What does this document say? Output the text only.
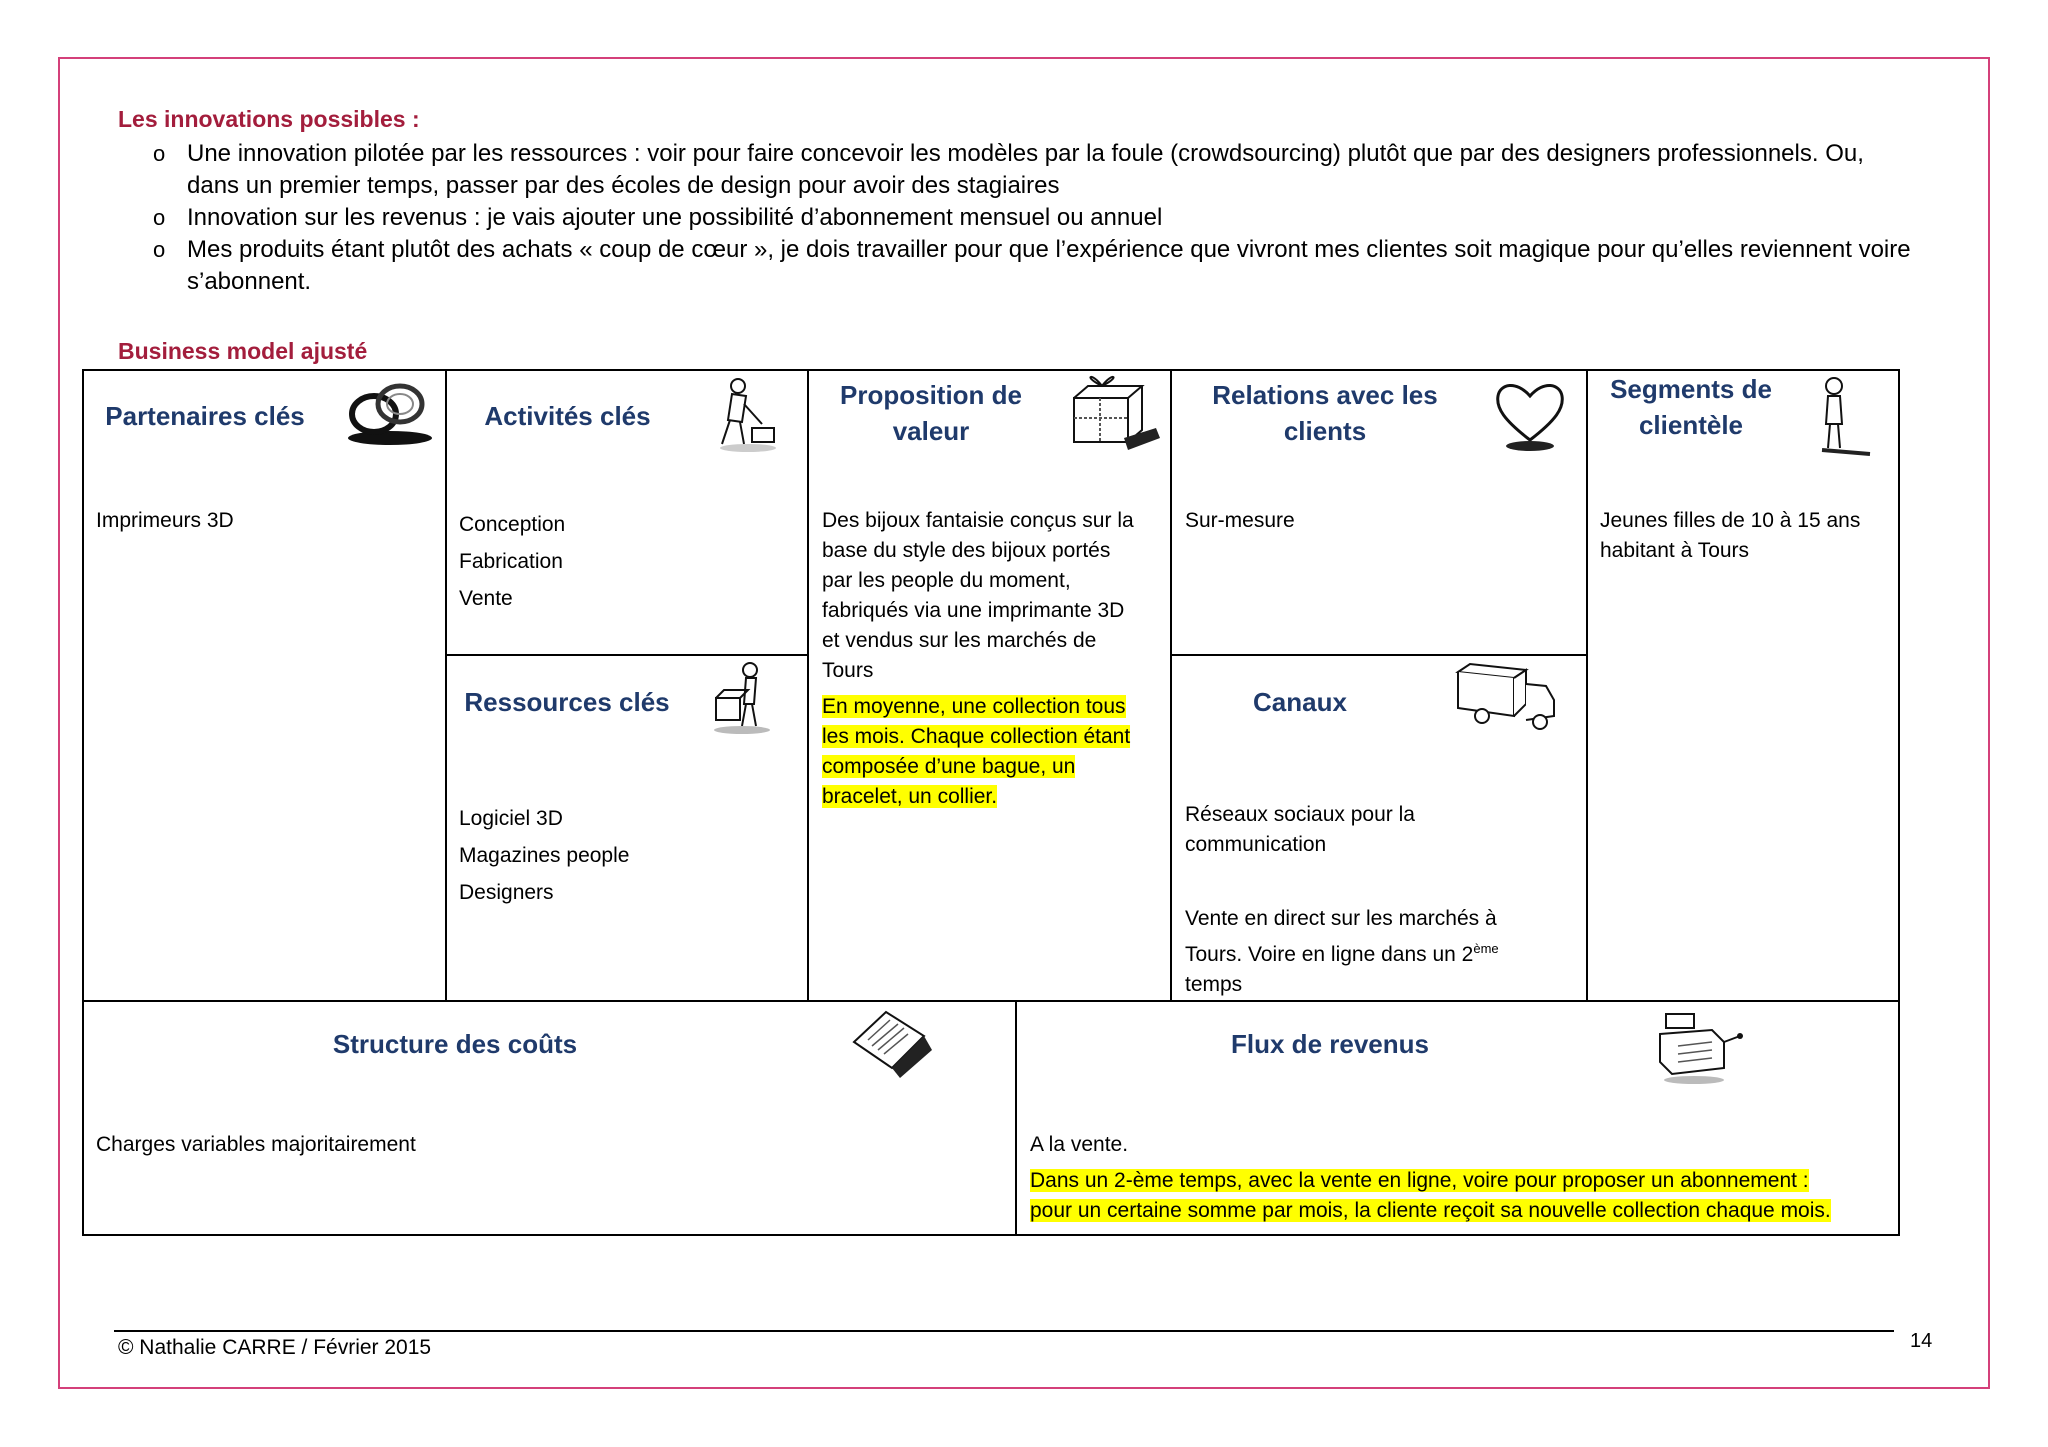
Les innovations possibles :
o Une innovation pilotée par les ressources : voir pour faire concevoir les modèles par la foule (crowdsourcing) plutôt que par des designers professionnels. Ou, dans un premier temps, passer par des écoles de design pour avoir des stagiaires
o Innovation sur les revenus : je vais ajouter une possibilité d’abonnement mensuel ou annuel
o Mes produits étant plutôt des achats « coup de cœur », je dois travailler pour que l’expérience que vivront mes clientes soit magique pour qu’elles reviennent voire s’abonnent.
Business model ajusté
Partenaires clés
Imprimeurs 3D
Activités clés
Conception
Fabrication
Vente
Ressources clés
Logiciel 3D
Magazines people
Designers
Proposition de
valeur
Des bijoux fantaisie conçus sur la
base du style des bijoux portés
par les people du moment,
fabriqués via une imprimante 3D
et vendus sur les marchés de
Tours
En moyenne, une collection tous
les mois. Chaque collection étant
composée d’une bague, un
bracelet, un collier.
Relations avec les
clients
Sur-mesure
Canaux
Réseaux sociaux pour la
communication
Vente en direct sur les marchés à
Tours. Voire en ligne dans un 2ème
temps
Segments de
clientèle
Jeunes filles de 10 à 15 ans
habitant à Tours
Structure des coûts
Charges variables majoritairement
Flux de revenus
A la vente.
Dans un 2-ème temps, avec la vente en ligne, voire pour proposer un abonnement :
pour un certaine somme par mois, la cliente reçoit sa nouvelle collection chaque mois.
© Nathalie CARRE / Février 2015	14
